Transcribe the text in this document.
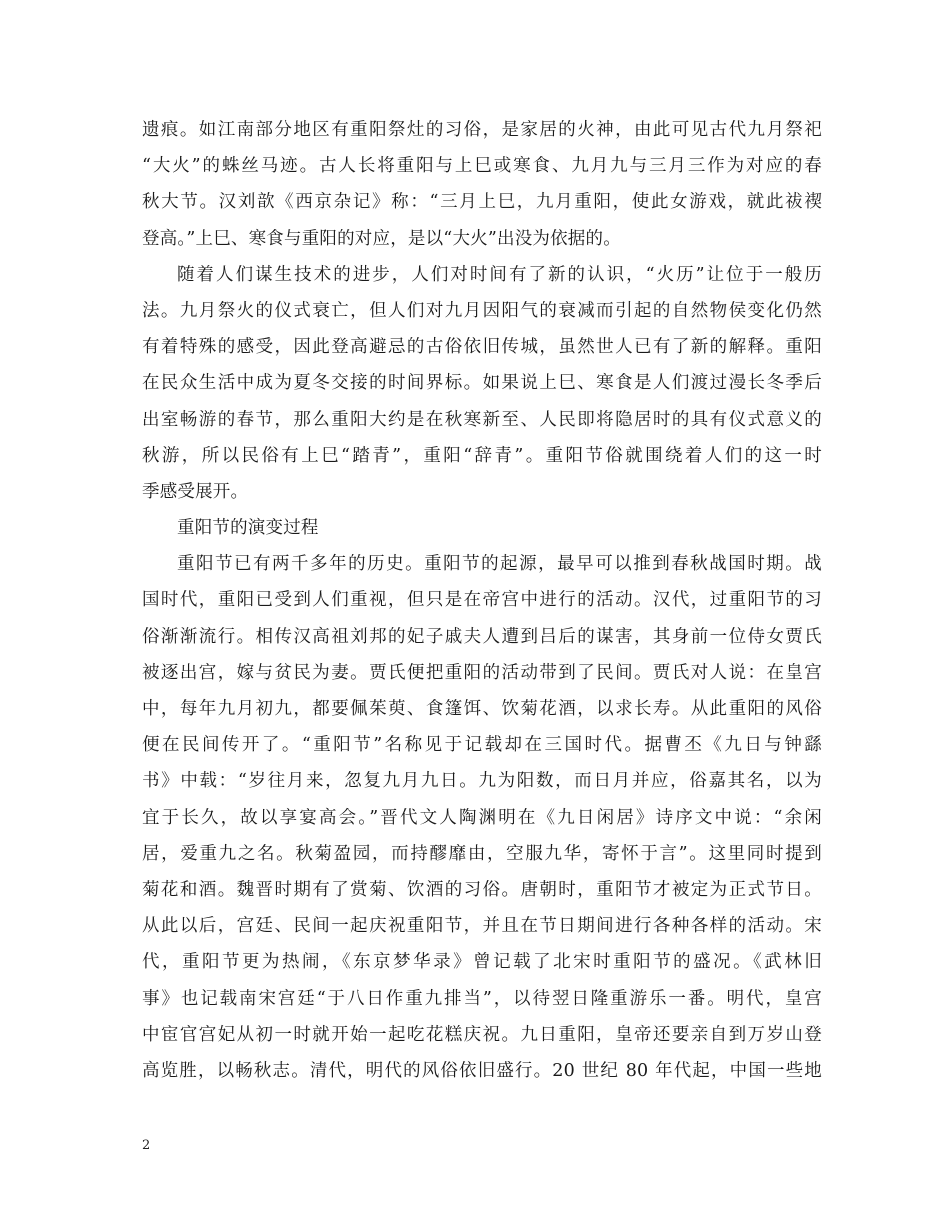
遗痕。如江南部分地区有重阳祭灶的习俗，是家居的火神，由此可见古代九月祭祀
“大火”的蛛丝马迹。古人长将重阳与上巳或寒食、九月九与三月三作为对应的春
秋大节。汉刘歆《西京杂记》称：“三月上巳，九月重阳，使此女游戏，就此祓禊
登高。”上巳、寒食与重阳的对应，是以“大火”出没为依据的。
随着人们谋生技术的进步，人们对时间有了新的认识，“火历”让位于一般历
法。九月祭火的仪式衰亡，但人们对九月因阳气的衰减而引起的自然物侯变化仍然
有着特殊的感受，因此登高避忌的古俗依旧传城，虽然世人已有了新的解释。重阳
在民众生活中成为夏冬交接的时间界标。如果说上巳、寒食是人们渡过漫长冬季后
出室畅游的春节，那么重阳大约是在秋寒新至、人民即将隐居时的具有仪式意义的
秋游，所以民俗有上巳“踏青”，重阳“辞青”。重阳节俗就围绕着人们的这一时
季感受展开。
重阳节的演变过程
重阳节已有两千多年的历史。重阳节的起源，最早可以推到春秋战国时期。战
国时代，重阳已受到人们重视，但只是在帝宫中进行的活动。汉代，过重阳节的习
俗渐渐流行。相传汉高祖刘邦的妃子戚夫人遭到吕后的谋害，其身前一位侍女贾氏
被逐出宫，嫁与贫民为妻。贾氏便把重阳的活动带到了民间。贾氏对人说：在皇宫
中，每年九月初九，都要佩茱萸、食篷饵、饮菊花酒，以求长寿。从此重阳的风俗
便在民间传开了。“重阳节”名称见于记载却在三国时代。据曹丕《九日与钟繇
书》中载：“岁往月来，忽复九月九日。九为阳数，而日月并应，俗嘉其名，以为
宜于长久，故以享宴高会。”晋代文人陶渊明在《九日闲居》诗序文中说：“余闲
居，爱重九之名。秋菊盈园，而持醪靡由，空服九华，寄怀于言”。这里同时提到
菊花和酒。魏晋时期有了赏菊、饮酒的习俗。唐朝时，重阳节才被定为正式节日。
从此以后，宫廷、民间一起庆祝重阳节，并且在节日期间进行各种各样的活动。宋
代，重阳节更为热闹，《东京梦华录》曾记载了北宋时重阳节的盛况。《武林旧
事》也记载南宋宫廷“于八日作重九排当”，以待翌日隆重游乐一番。明代，皇宫
中宦官宫妃从初一时就开始一起吃花糕庆祝。九日重阳，皇帝还要亲自到万岁山登
高览胜，以畅秋志。清代，明代的风俗依旧盛行。20 世纪 80 年代起，中国一些地
2
